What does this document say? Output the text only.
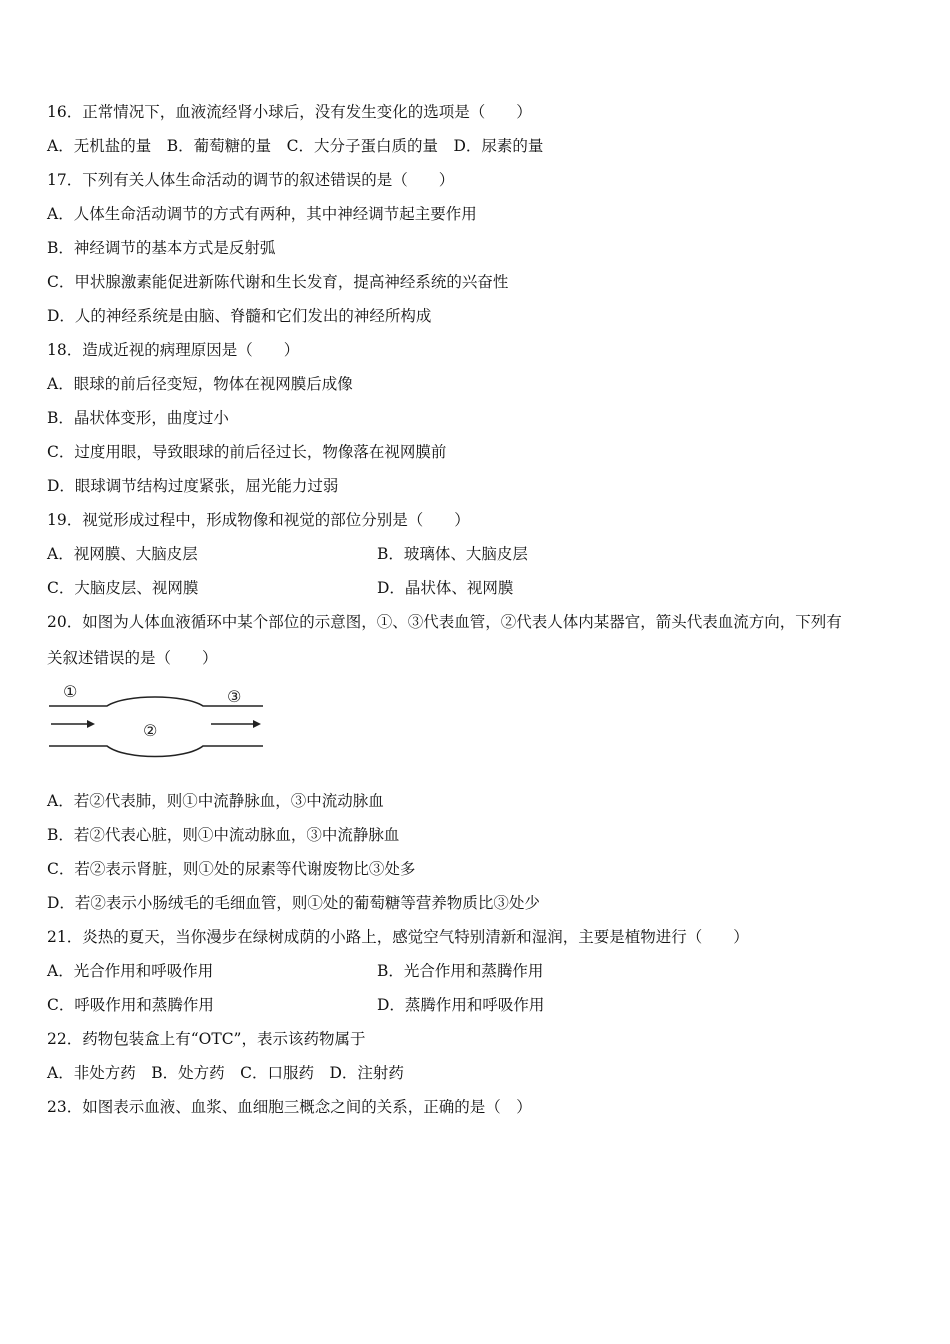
16．正常情况下，血液流经肾小球后，没有发生变化的选项是（　　）
A．无机盐的量　B．葡萄糖的量　C．大分子蛋白质的量　D．尿素的量
17．下列有关人体生命活动的调节的叙述错误的是（　　）
A．人体生命活动调节的方式有两种，其中神经调节起主要作用
B．神经调节的基本方式是反射弧
C．甲状腺激素能促进新陈代谢和生长发育，提高神经系统的兴奋性
D．人的神经系统是由脑、脊髓和它们发出的神经所构成
18．造成近视的病理原因是（　　）
A．眼球的前后径变短，物体在视网膜后成像
B．晶状体变形，曲度过小
C．过度用眼，导致眼球的前后径过长，物像落在视网膜前
D．眼球调节结构过度紧张，屈光能力过弱
19．视觉形成过程中，形成物像和视觉的部位分别是（　　）
A．视网膜、大脑皮层	B．玻璃体、大脑皮层
C．大脑皮层、视网膜	D．晶状体、视网膜
20．如图为人体血液循环中某个部位的示意图，①、③代表血管，②代表人体内某器官，箭头代表血流方向，下列有
关叙述错误的是（　　）
①
②
③
A．若②代表肺，则①中流静脉血，③中流动脉血
B．若②代表心脏，则①中流动脉血，③中流静脉血
C．若②表示肾脏，则①处的尿素等代谢废物比③处多
D．若②表示小肠绒毛的毛细血管，则①处的葡萄糖等营养物质比③处少
21．炎热的夏天，当你漫步在绿树成荫的小路上，感觉空气特别清新和湿润，主要是植物进行（　　）
A．光合作用和呼吸作用	B．光合作用和蒸腾作用
C．呼吸作用和蒸腾作用	D．蒸腾作用和呼吸作用
22．药物包装盒上有“OTC”，表示该药物属于
A．非处方药　B．处方药　C．口服药　D．注射药
23．如图表示血液、血浆、血细胞三概念之间的关系，正确的是（　）
